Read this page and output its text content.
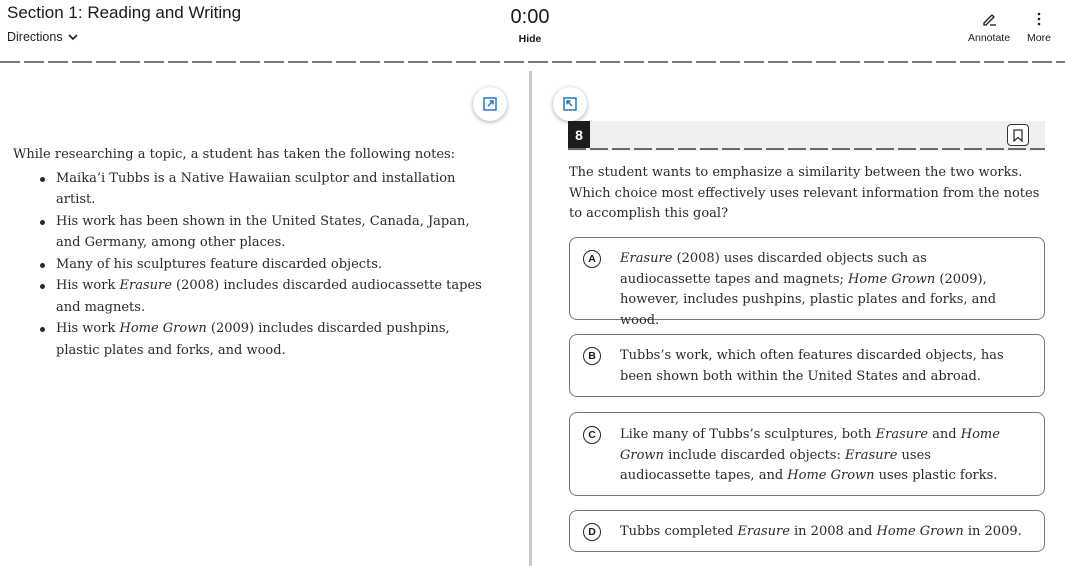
Section 1: Reading and Writing
Directions
0:00
Hide	Annotate More

While researching a topic, a student has taken the following notes:

Maika’i Tubbs is a Native Hawaiian sculptor and installation artist.
His work has been shown in the United States, Canada, Japan, and Germany, among other places.
Many of his sculptures feature discarded objects.
His work Erasure (2008) includes discarded audiocassette tapes and magnets.
His work Home Grown (2009) includes discarded pushpins, plastic plates and forks, and wood.
8

The student wants to emphasize a similarity between the two works. Which choice most effectively uses relevant information from the notes to accomplish this goal?

A	Erasure (2008) uses discarded objects such as audiocassette tapes and magnets; Home Grown (2009), however, includes pushpins, plastic plates and forks, and wood.

B	Tubbs’s work, which often features discarded objects, has been shown both within the United States and abroad.

C	Like many of Tubbs’s sculptures, both Erasure and Home Grown include discarded objects: Erasure uses audiocassette tapes, and Home Grown uses plastic forks.

D	Tubbs completed Erasure in 2008 and Home Grown in 2009.
